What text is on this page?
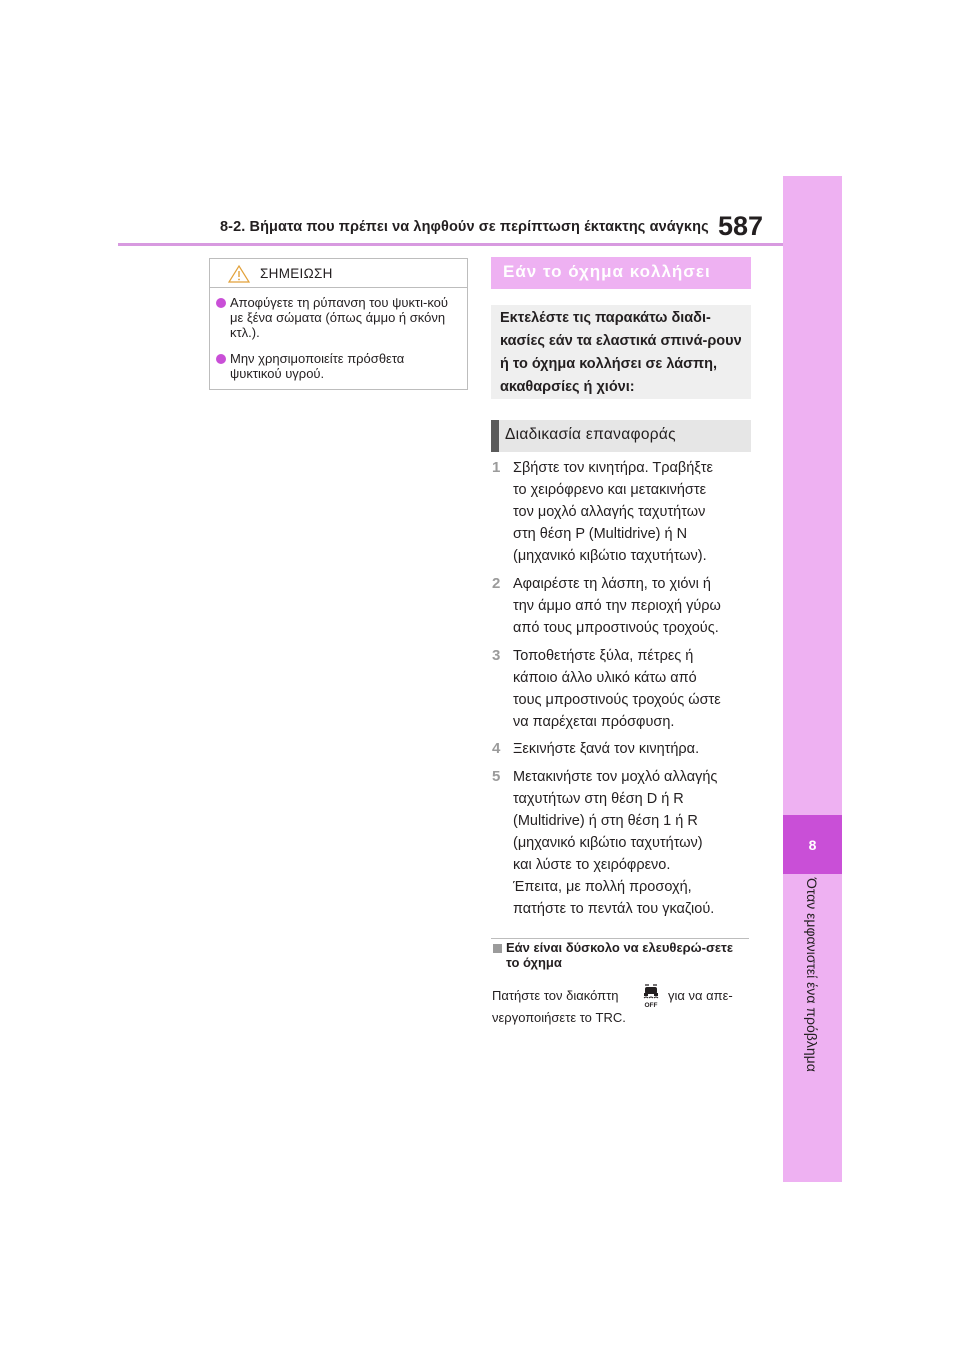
8-2. Βήματα που πρέπει να ληφθούν σε περίπτωση έκτακτης ανάγκης 587
8
Όταν εμφανιστεί ένα πρόβλημα
ΣΗΜΕΙΩΣΗ
Αποφύγετε τη ρύπανση του ψυκτι-κού με ξένα σώματα (όπως άμμο ή σκόνη κτλ.).
Μην χρησιμοποιείτε πρόσθετα ψυκτικού υγρού.
Εάν το όχημα κολλήσει
Εκτελέστε τις παρακάτω διαδι-κασίες εάν τα ελαστικά σπινά-ρουν ή το όχημα κολλήσει σε λάσπη, ακαθαρσίες ή χιόνι:
Διαδικασία επαναφοράς
1 Σβήστε τον κινητήρα. Τραβήξτε
το χειρόφρενο και μετακινήστε
τον μοχλό αλλαγής ταχυτήτων
στη θέση P (Multidrive) ή N
(μηχανικό κιβώτιο ταχυτήτων).
2 Αφαιρέστε τη λάσπη, το χιόνι ή
την άμμο από την περιοχή γύρω
από τους μπροστινούς τροχούς.
3 Τοποθετήστε ξύλα, πέτρες ή
κάποιο άλλο υλικό κάτω από
τους μπροστινούς τροχούς ώστε
να παρέχεται πρόσφυση.
4 Ξεκινήστε ξανά τον κινητήρα.
5 Μετακινήστε τον μοχλό αλλαγής
ταχυτήτων στη θέση D ή R
(Multidrive) ή στη θέση 1 ή R
(μηχανικό κιβώτιο ταχυτήτων)
και λύστε το χειρόφρενο.
Έπειτα, με πολλή προσοχή,
πατήστε το πεντάλ του γκαζιού.
Εάν είναι δύσκολο να ελευθερώ-σετε το όχημα
Πατήστε τον διακόπτη
OFF
για να απε-
νεργοποιήσετε το TRC.
